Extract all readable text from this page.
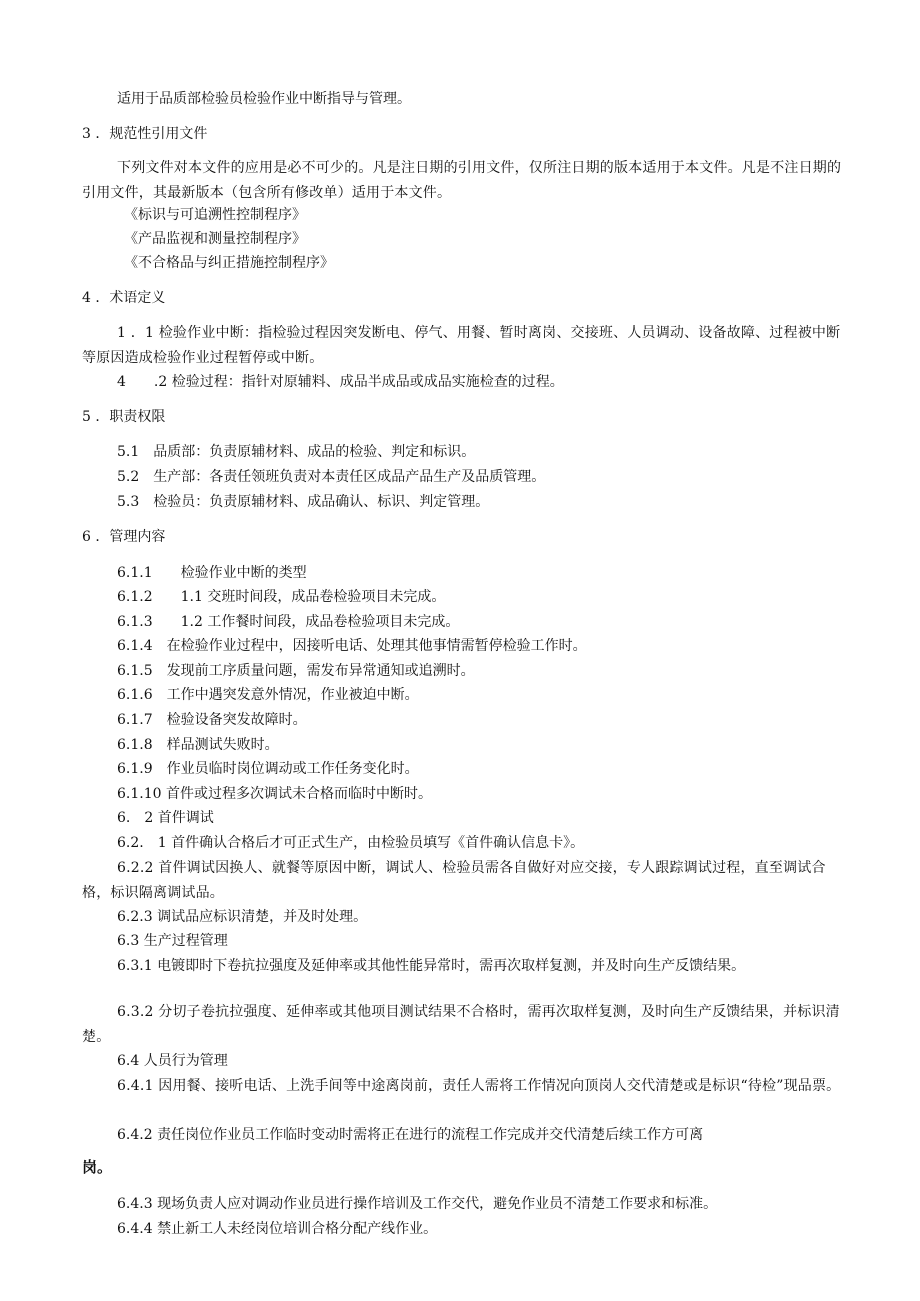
适用于品质部检验员检验作业中断指导与管理。
3 ．规范性引用文件
下列文件对本文件的应用是必不可少的。凡是注日期的引用文件，仅所注日期的版本适用于本文件。凡是不注日期的引用文件，其最新版本（包含所有修改单）适用于本文件。
《标识与可追溯性控制程序》
《产品监视和测量控制程序》
《不合格品与纠正措施控制程序》
4 ．术语定义
1 ．1 检验作业中断：指检验过程因突发断电、停气、用餐、暂时离岗、交接班、人员调动、设备故障、过程被中断等原因造成检验作业过程暂停或中断。
4　　.2 检验过程：指针对原辅料、成品半成品或成品实施检查的过程。
5 ．职责权限
5.1　品质部：负责原辅材料、成品的检验、判定和标识。
5.2　生产部：各责任领班负责对本责任区成品产品生产及品质管理。
5.3　检验员：负责原辅材料、成品确认、标识、判定管理。
6 ．管理内容
6.1.1　　检验作业中断的类型
6.1.2　　1.1 交班时间段，成品卷检验项目未完成。
6.1.3　　1.2 工作餐时间段，成品卷检验项目未完成。
6.1.4　在检验作业过程中，因接听电话、处理其他事情需暂停检验工作时。
6.1.5　发现前工序质量问题，需发布异常通知或追溯时。
6.1.6　工作中遇突发意外情况，作业被迫中断。
6.1.7　检验设备突发故障时。
6.1.8　样品测试失败时。
6.1.9　作业员临时岗位调动或工作任务变化时。
6.1.10 首件或过程多次调试未合格而临时中断时。
6.　2 首件调试
6.2.　1 首件确认合格后才可正式生产，由检验员填写《首件确认信息卡》。
6.2.2 首件调试因换人、就餐等原因中断，调试人、检验员需各自做好对应交接，专人跟踪调试过程，直至调试合格，标识隔离调试品。
6.2.3 调试品应标识清楚，并及时处理。
6.3 生产过程管理
6.3.1 电镀即时下卷抗拉强度及延伸率或其他性能异常时，需再次取样复测，并及时向生产反馈结果。
6.3.2 分切子卷抗拉强度、延伸率或其他项目测试结果不合格时，需再次取样复测，及时向生产反馈结果，并标识清楚。
6.4 人员行为管理
6.4.1 因用餐、接听电话、上洗手间等中途离岗前，责任人需将工作情况向顶岗人交代清楚或是标识“待检”现品票。
6.4.2 责任岗位作业员工作临时变动时需将正在进行的流程工作完成并交代清楚后续工作方可离
岗。
6.4.3 现场负责人应对调动作业员进行操作培训及工作交代，避免作业员不清楚工作要求和标准。
6.4.4 禁止新工人未经岗位培训合格分配产线作业。
